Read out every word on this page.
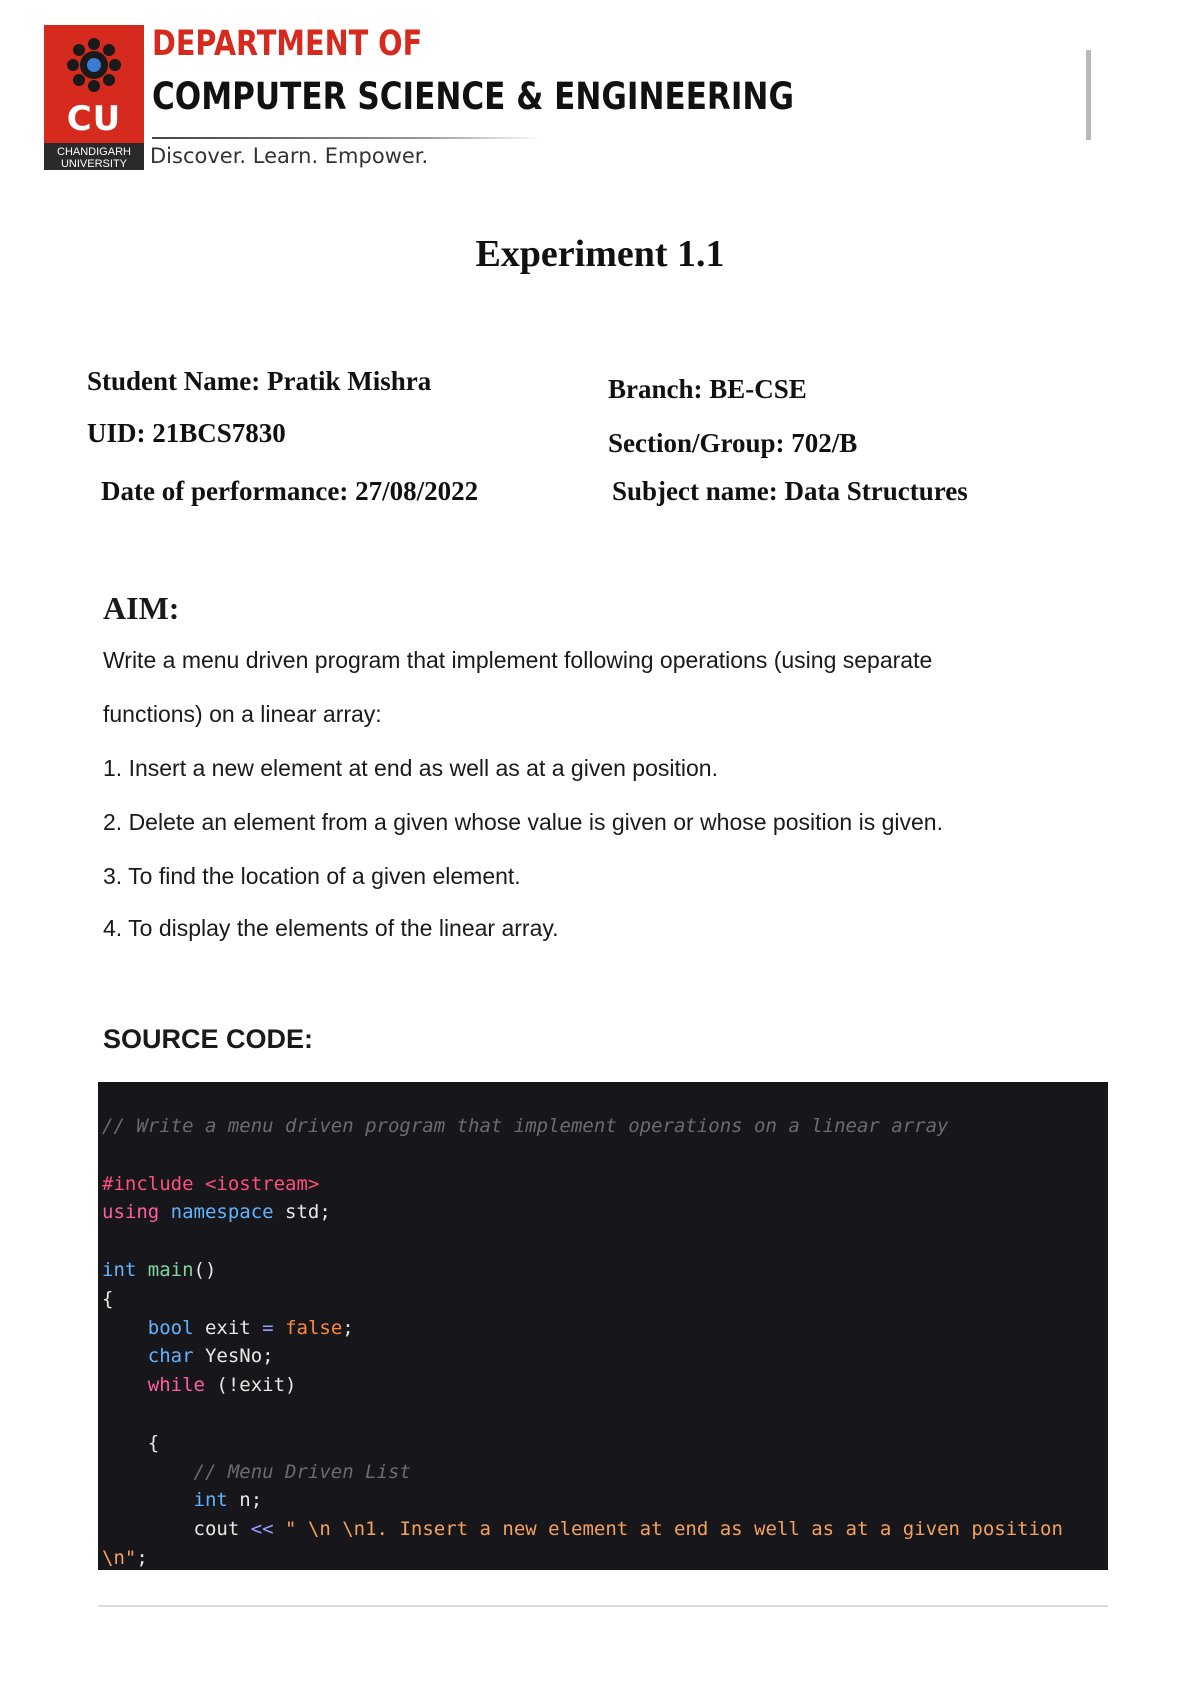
CU
CHANDIGARH
UNIVERSITY
DEPARTMENT OF
COMPUTER SCIENCE & ENGINEERING
Discover. Learn. Empower.
Experiment 1.1
Student Name: Pratik Mishra
UID: 21BCS7830
Date of performance: 27/08/2022
Branch: BE-CSE
Section/Group: 702/B
Subject name: Data Structures
AIM:
Write a menu driven program that implement following operations (using separate
functions) on a linear array:
1. Insert a new element at end as well as at a given position.
2. Delete an element from a given whose value is given or whose position is given.
3. To find the location of a given element.
4. To display the elements of the linear array.
SOURCE CODE:
// Write a menu driven program that implement operations on a linear array

#include <iostream>
using namespace std;

int main()
{
bool exit = false;
char YesNo;
while (!exit)

{
// Menu Driven List
int n;
cout << " \n \n1. Insert a new element at end as well as at a given position
\n";
